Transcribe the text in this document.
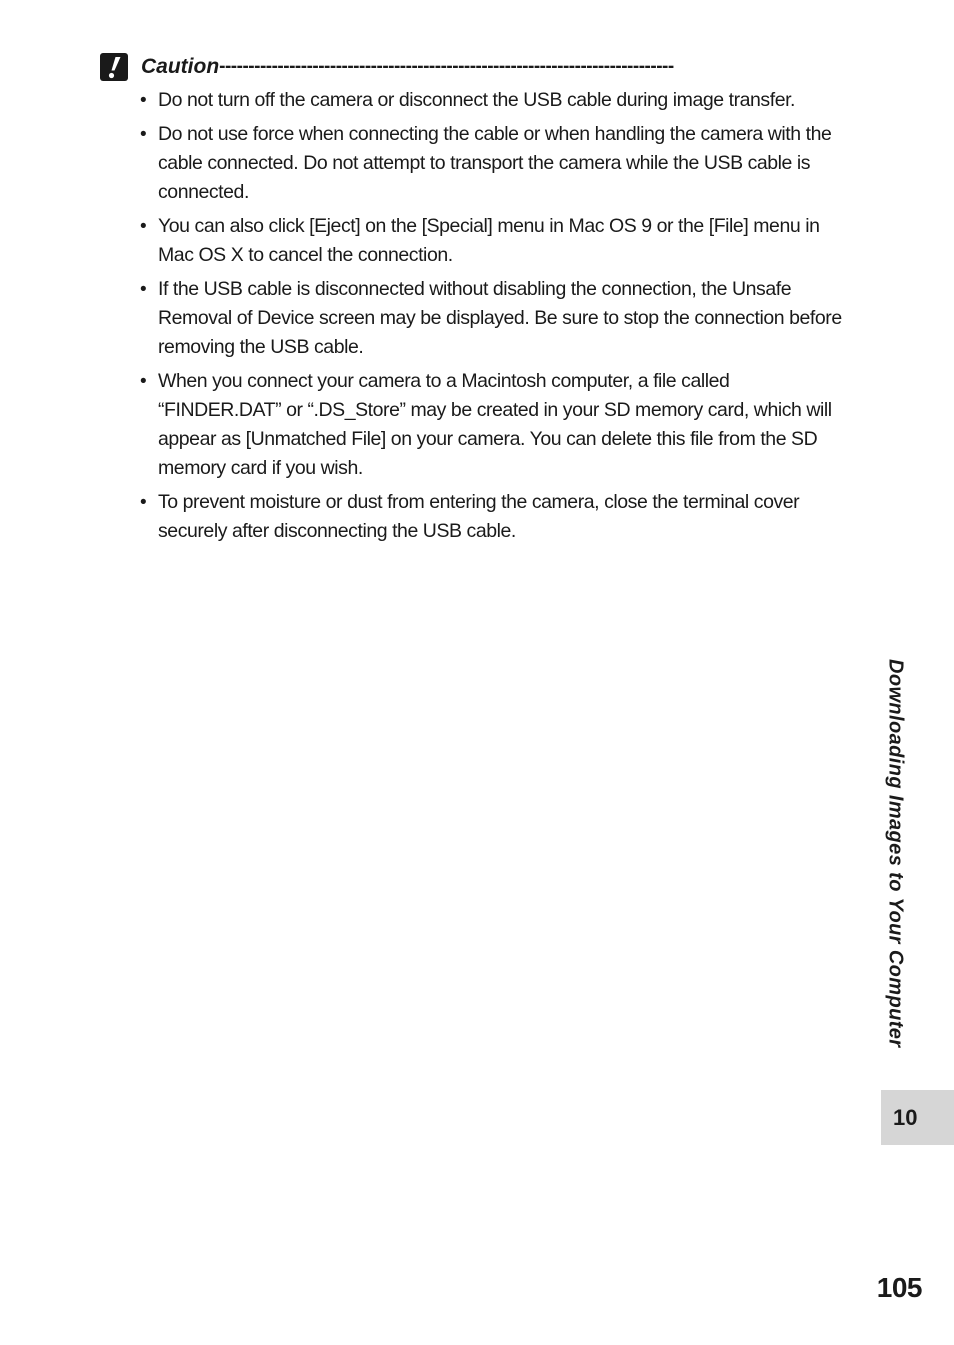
Caution ------------------------------------------------------------------------------
• Do not turn off the camera or disconnect the USB cable during image transfer.
• Do not use force when connecting the cable or when handling the camera with the cable connected. Do not attempt to transport the camera while the USB cable is connected.
• You can also click [Eject] on the [Special] menu in Mac OS 9 or the [File] menu in Mac OS X to cancel the connection.
• If the USB cable is disconnected without disabling the connection, the Unsafe Removal of Device screen may be displayed. Be sure to stop the connection before removing the USB cable.
• When you connect your camera to a Macintosh computer, a file called “FINDER.DAT” or “.DS_Store” may be created in your SD memory card, which will appear as [Unmatched File] on your camera. You can delete this file from the SD memory card if you wish.
• To prevent moisture or dust from entering the camera, close the terminal cover securely after disconnecting the USB cable.
Downloading Images to Your Computer
10
105
